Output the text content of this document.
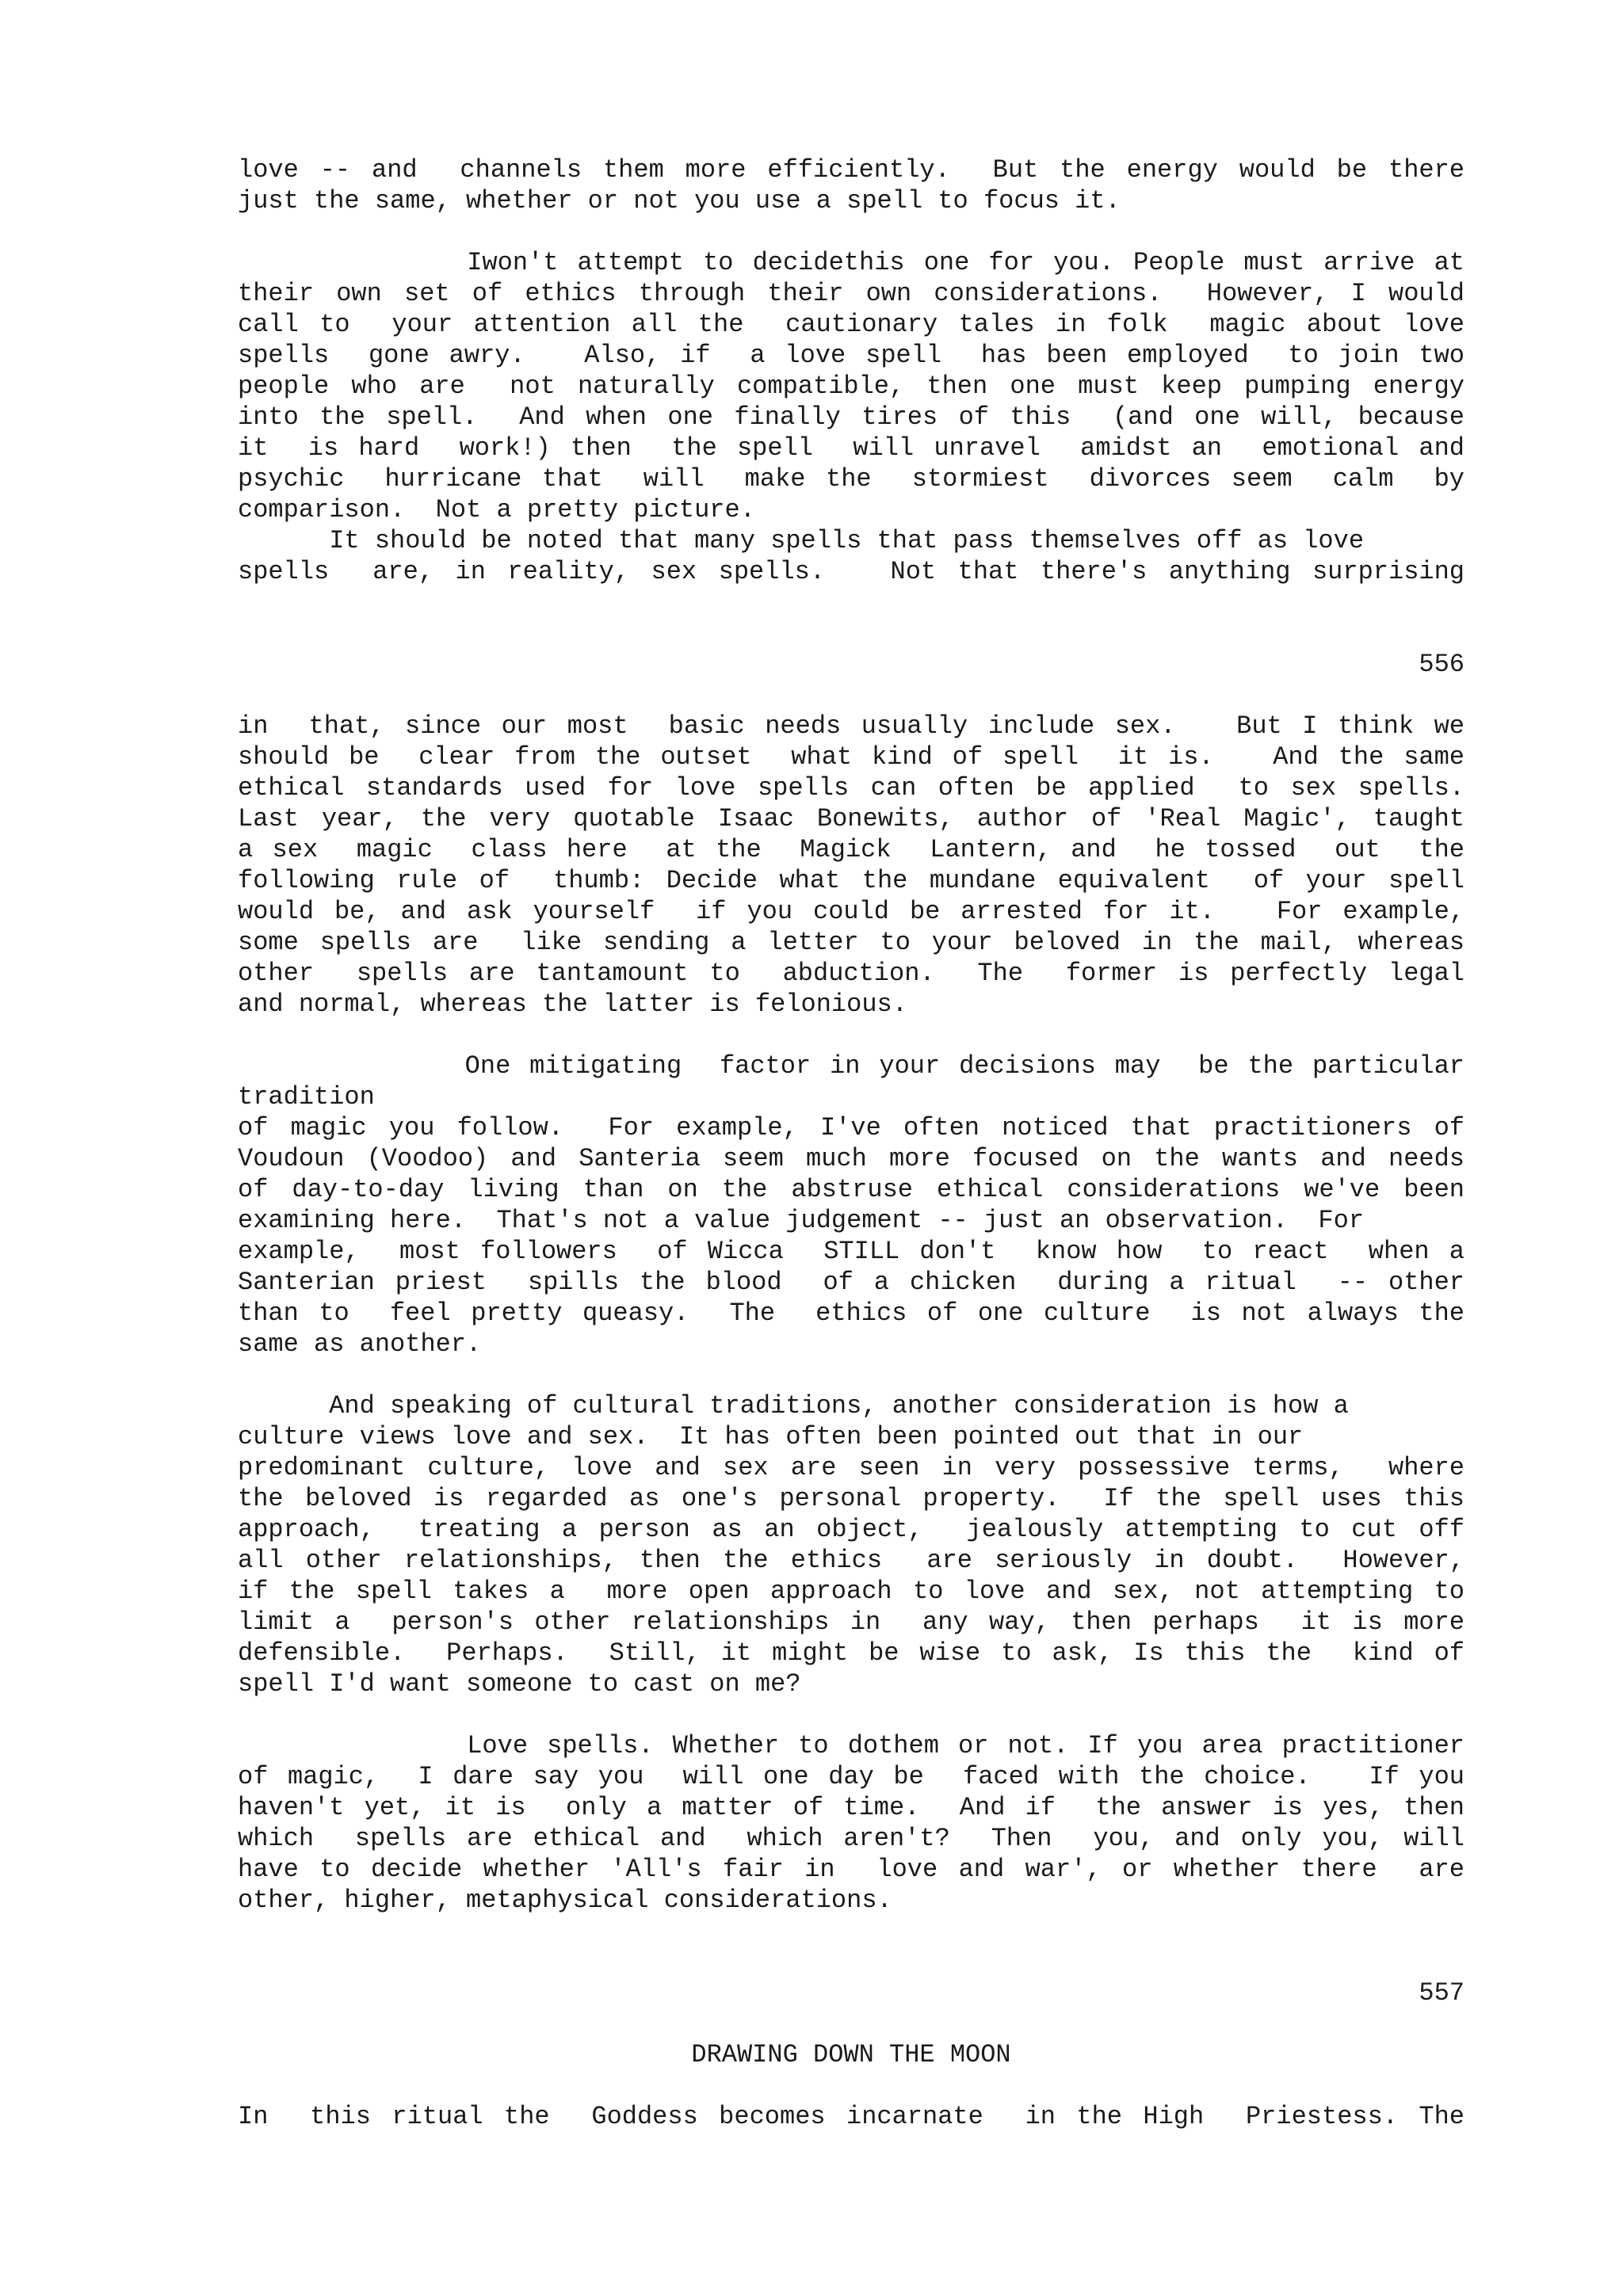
love -- and  channels them more efficiently.  But the energy would be there

just the same, whether or not you use a spell to focus it.

Iwon't attempt to decidethis one for you. People must arrive at

their own set of ethics through their own considerations.  However, I would

call to  your attention all the  cautionary tales in folk  magic about love

spells  gone awry.   Also, if  a love spell  has been employed  to join two

people who are  not naturally compatible, then one must keep pumping energy

into the spell.  And when one finally tires of this  (and one will, because

it  is hard  work!) then  the spell  will unravel  amidst an  emotional and

psychic  hurricane that  will  make the  stormiest  divorces seem  calm  by

comparison.  Not a pretty picture.

It should be noted that many spells that pass themselves off as love

spells  are, in reality, sex spells.   Not that there's anything surprising

in  that, since our most  basic needs usually include sex.   But I think we

should be  clear from the outset  what kind of spell  it is.   And the same

ethical standards used for love spells can often be applied  to sex spells.

Last year, the very quotable Isaac Bonewits, author of 'Real Magic', taught

a sex  magic  class here  at the  Magick  Lantern, and  he tossed  out  the

following rule of  thumb: Decide what the mundane equivalent  of your spell

would be, and ask yourself  if you could be arrested for it.   For example,

some spells are  like sending a letter to your beloved in the mail, whereas

other  spells are tantamount to  abduction.  The  former is perfectly legal

and normal, whereas the latter is felonious.

One mitigating  factor in your decisions may  be the particular

tradition

of magic you follow.  For example, I've often noticed that practitioners of

Voudoun (Voodoo) and Santeria seem much more focused on the wants and needs

of day-to-day living than on the abstruse ethical considerations we've been

examining here.  That's not a value judgement -- just an observation.  For

example,  most followers  of Wicca  STILL don't  know how  to react  when a

Santerian priest  spills the blood  of a chicken  during a ritual  -- other

than to  feel pretty queasy.  The  ethics of one culture  is not always the

same as another.

And speaking of cultural traditions, another consideration is how a

culture views love and sex.  It has often been pointed out that in our

predominant culture, love and sex are seen in very possessive terms,  where

the beloved is regarded as one's personal property.  If the spell uses this

approach,  treating a person as an object,  jealously attempting to cut off

all other relationships, then the ethics  are seriously in doubt.  However,

if the spell takes a  more open approach to love and sex, not attempting to

limit a  person's other relationships in  any way, then perhaps  it is more

defensible.  Perhaps.  Still, it might be wise to ask, Is this the  kind of

spell I'd want someone to cast on me?

Love spells. Whether to dothem or not. If you area practitioner

of magic,  I dare say you  will one day be  faced with the choice.   If you

haven't yet, it is  only a matter of time.  And if  the answer is yes, then

which  spells are ethical and  which aren't?  Then  you, and only you, will

have to decide whether 'All's fair in  love and war', or whether there  are

other, higher, metaphysical considerations.

In  this ritual the  Goddess becomes incarnate  in the High  Priestess. The

556

557

DRAWING DOWN THE MOON
